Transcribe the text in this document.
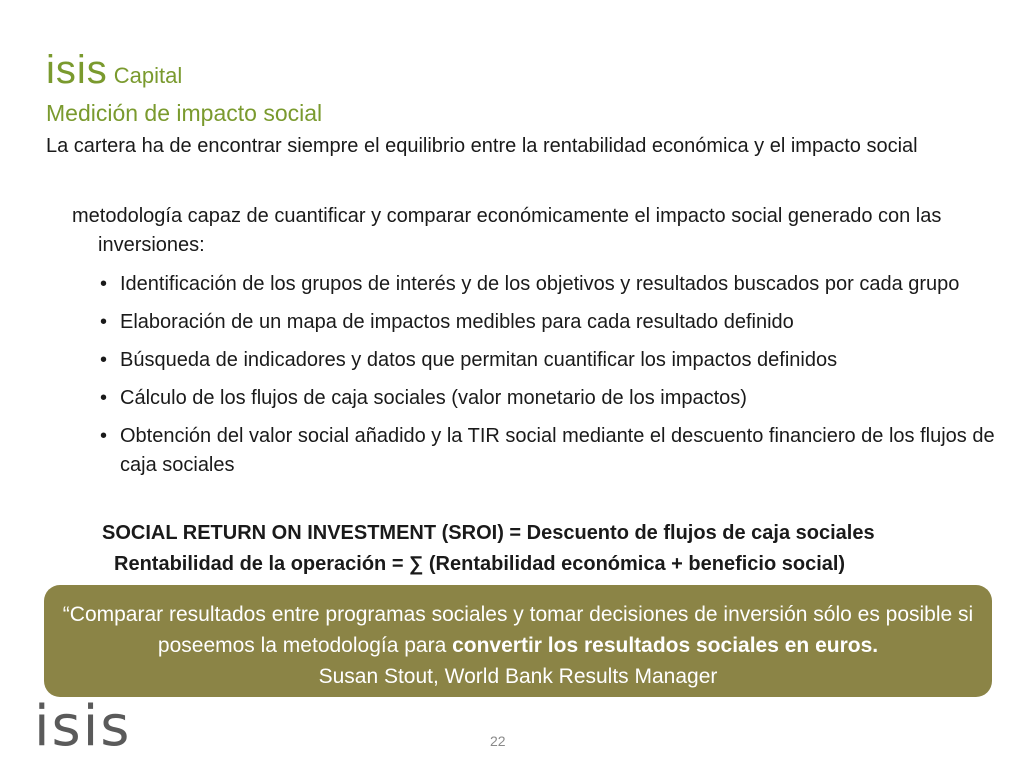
isis Capital
Medición de impacto social
La cartera ha de encontrar siempre el equilibrio entre la rentabilidad económica y el impacto social
metodología capaz de cuantificar y comparar económicamente el impacto social generado con las inversiones:
• Identificación de los grupos de interés y de los objetivos y resultados buscados por cada grupo
• Elaboración de un mapa de impactos medibles para cada resultado definido
• Búsqueda de indicadores y datos que permitan cuantificar los impactos definidos
• Cálculo de los flujos de caja sociales (valor monetario de los impactos)
• Obtención del valor social añadido y la TIR social mediante el descuento financiero de los flujos de caja sociales
SOCIAL RETURN ON INVESTMENT (SROI) = Descuento de flujos de caja sociales
Rentabilidad de la operación = ∑ (Rentabilidad económica + beneficio social)
“Comparar resultados entre programas sociales y tomar decisiones de inversión sólo es posible si poseemos la metodología para convertir los resultados sociales en euros.
Susan Stout, World Bank Results Manager
isis	22
